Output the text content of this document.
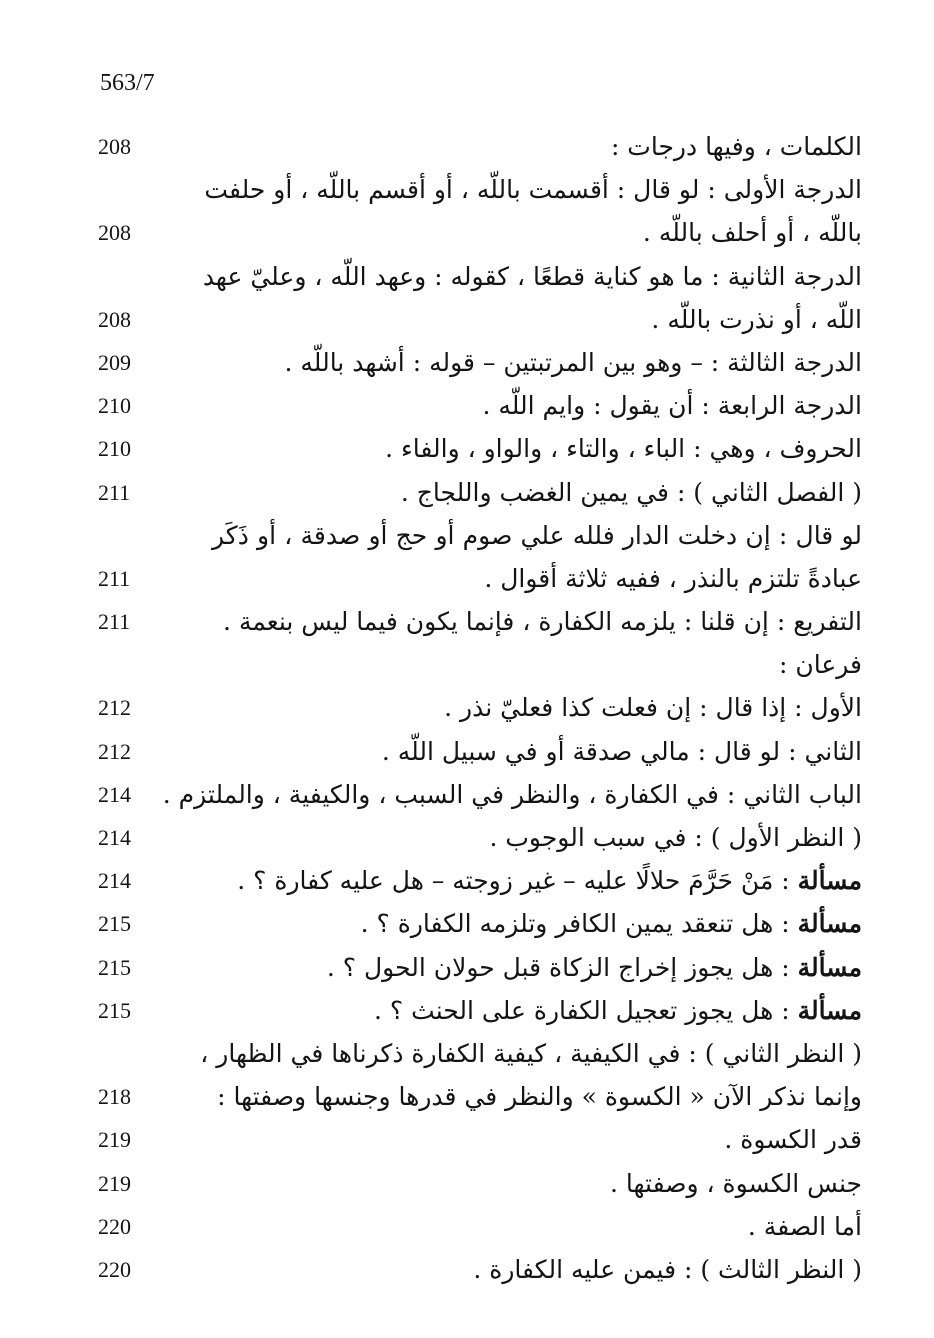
563/7
الكلمات ، وفيها درجات :
208
الدرجة الأولى : لو قال : أقسمت باللّه ، أو أقسم باللّه ، أو حلفت
باللّه ، أو أحلف باللّه .
208
الدرجة الثانية : ما هو كناية قطعًا ، كقوله : وعهد اللّه ، وعليّ عهد
اللّه ، أو نذرت باللّه .
208
الدرجة الثالثة : – وهو بين المرتبتين – قوله : أشهد باللّه .
209
الدرجة الرابعة : أن يقول : وايم اللّه .
210
الحروف ، وهي : الباء ، والتاء ، والواو ، والفاء .
210
( الفصل الثاني ) : في يمين الغضب واللجاج .
211
لو قال : إن دخلت الدار فلله علي صوم أو حج أو صدقة ، أو ذَكَر
عبادةً تلتزم بالنذر ، ففيه ثلاثة أقوال .
211
التفريع : إن قلنا : يلزمه الكفارة ، فإنما يكون فيما ليس بنعمة .
211
فرعان :
الأول : إذا قال : إن فعلت كذا فعليّ نذر .
212
الثاني : لو قال : مالي صدقة أو في سبيل اللّه .
212
الباب الثاني : في الكفارة ، والنظر في السبب ، والكيفية ، والملتزم .
214
( النظر الأول ) : في سبب الوجوب .
214
مسألة : مَنْ حَرَّمَ حلالًا عليه – غير زوجته – هل عليه كفارة ؟ .
214
مسألة : هل تنعقد يمين الكافر وتلزمه الكفارة ؟ .
215
مسألة : هل يجوز إخراج الزكاة قبل حولان الحول ؟ .
215
مسألة : هل يجوز تعجيل الكفارة على الحنث ؟ .
215
( النظر الثاني ) : في الكيفية ، كيفية الكفارة ذكرناها في الظهار ،
وإنما نذكر الآن « الكسوة » والنظر في قدرها وجنسها وصفتها :
218
قدر الكسوة .
219
جنس الكسوة ، وصفتها .
219
أما الصفة .
220
( النظر الثالث ) : فيمن عليه الكفارة .
220
